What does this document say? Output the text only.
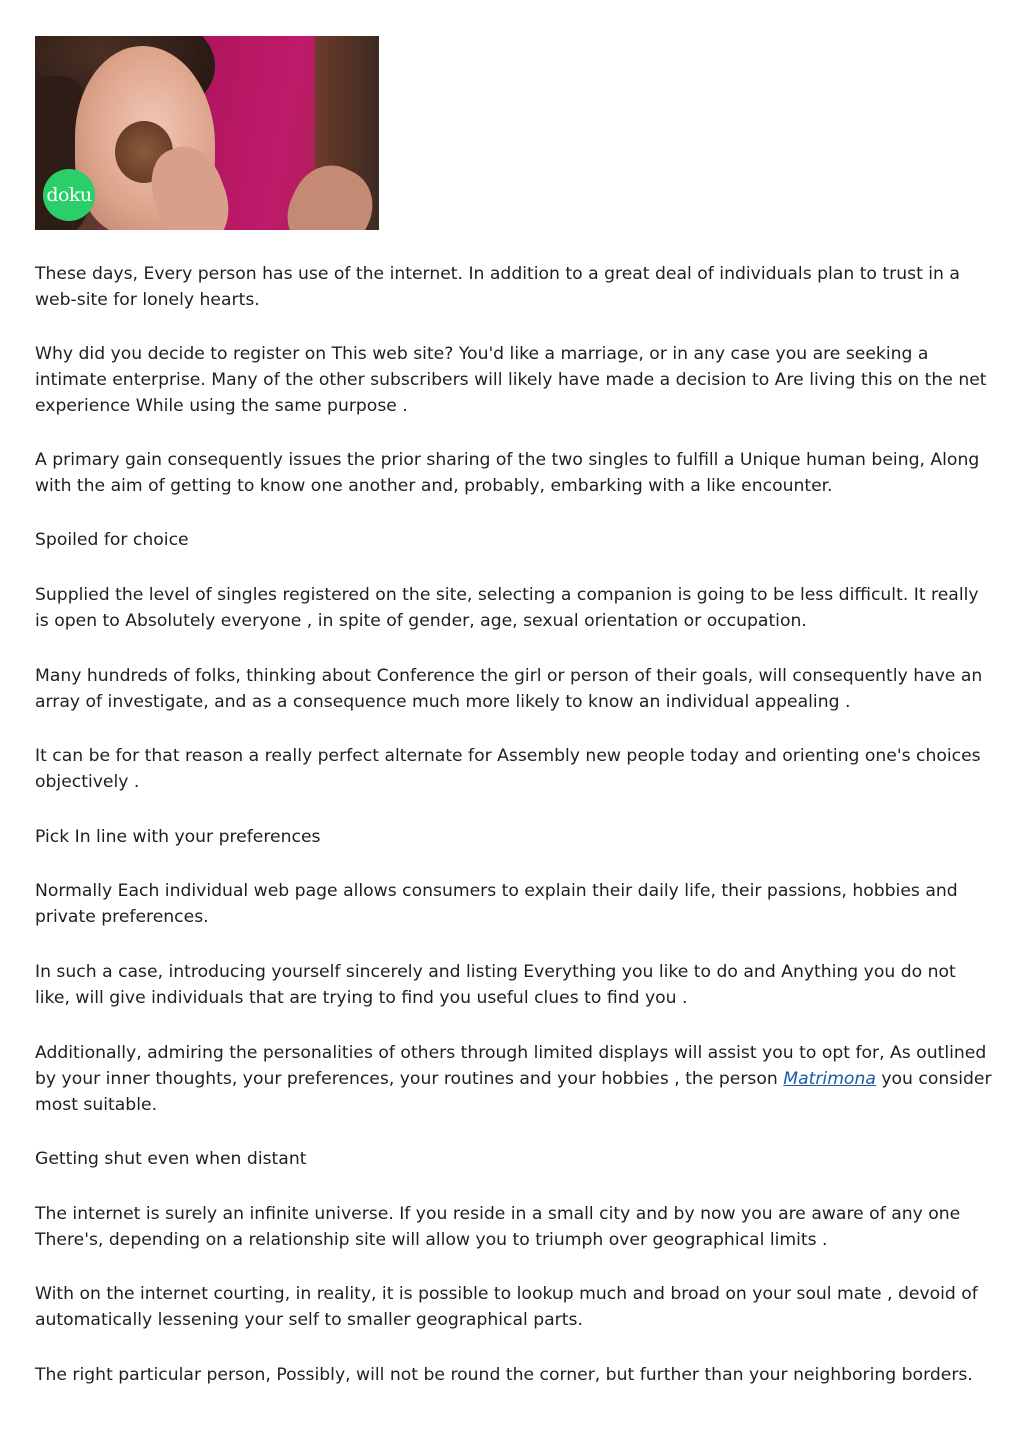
doku

These days, Every person has use of the internet. In addition to a great deal of individuals plan to trust in a web-site for lonely hearts.

Why did you decide to register on This web site? You'd like a marriage, or in any case you are seeking a intimate enterprise. Many of the other subscribers will likely have made a decision to Are living this on the net experience While using the same purpose .

A primary gain consequently issues the prior sharing of the two singles to fulfill a Unique human being, Along with the aim of getting to know one another and, probably, embarking with a like encounter.

Spoiled for choice

Supplied the level of singles registered on the site, selecting a companion is going to be less difficult. It really is open to Absolutely everyone , in spite of gender, age, sexual orientation or occupation.

Many hundreds of folks, thinking about Conference the girl or person of their goals, will consequently have an array of investigate, and as a consequence much more likely to know an individual appealing .

It can be for that reason a really perfect alternate for Assembly new people today and orienting one's choices objectively .

Pick In line with your preferences

Normally Each individual web page allows consumers to explain their daily life, their passions, hobbies and private preferences.

In such a case, introducing yourself sincerely and listing Everything you like to do and Anything you do not like, will give individuals that are trying to find you useful clues to find you .

Additionally, admiring the personalities of others through limited displays will assist you to opt for, As outlined by your inner thoughts, your preferences, your routines and your hobbies , the person Matrimona you consider most suitable.

Getting shut even when distant

The internet is surely an infinite universe. If you reside in a small city and by now you are aware of any one There's, depending on a relationship site will allow you to triumph over geographical limits .

With on the internet courting, in reality, it is possible to lookup much and broad on your soul mate , devoid of automatically lessening your self to smaller geographical parts.

The right particular person, Possibly, will not be round the corner, but further than your neighboring borders.
